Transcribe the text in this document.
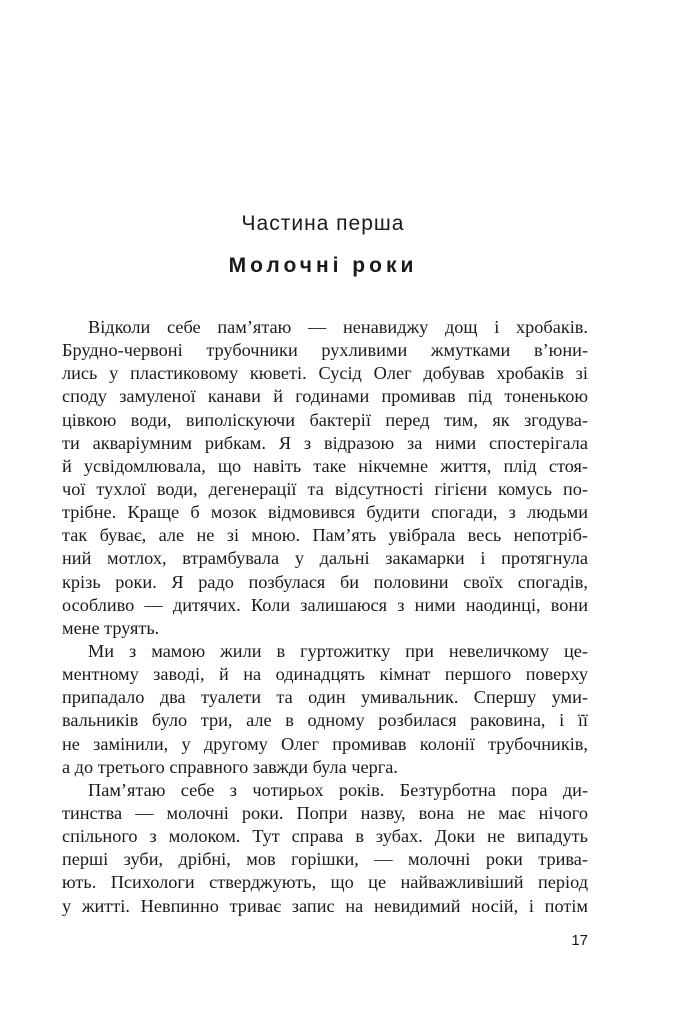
Частина перша
Молочні роки
Відколи себе пам’ятаю — ненавиджу дощ і хробаків.
Брудно-червоні трубочники рухливими жмутками в’юни-
лись у пластиковому кюветі. Сусід Олег добував хробаків зі
споду замуленої канави й годинами промивав під тоненькою
цівкою води, виполіскуючи бактерії перед тим, як згодува-
ти акваріумним рибкам. Я з відразою за ними спостерігала
й усвідомлювала, що навіть таке нікчемне життя, плід стоя-
чої тухлої води, дегенерації та відсутності гігієни комусь по-
трібне. Краще б мозок відмовився будити спогади, з людьми
так буває, але не зі мною. Пам’ять увібрала весь непотріб-
ний мотлох, втрамбувала у дальні закамарки і протягнула
крізь роки. Я радо позбулася би половини своїх спогадів,
особливо — дитячих. Коли залишаюся з ними наодинці, вони
мене труять.
Ми з мамою жили в гуртожитку при невеличкому це-
ментному заводі, й на одинадцять кімнат першого поверху
припадало два туалети та один умивальник. Спершу уми-
вальників було три, але в одному розбилася раковина, і її
не замінили, у другому Олег промивав колонії трубочників,
а до третього справного завжди була черга.
Пам’ятаю себе з чотирьох років. Безтурботна пора ди-
тинства — молочні роки. Попри назву, вона не має нічого
спільного з молоком. Тут справа в зубах. Доки не випадуть
перші зуби, дрібні, мов горішки, — молочні роки трива-
ють. Психологи стверджують, що це найважливіший період
у житті. Невпинно триває запис на невидимий носій, і потім
17
